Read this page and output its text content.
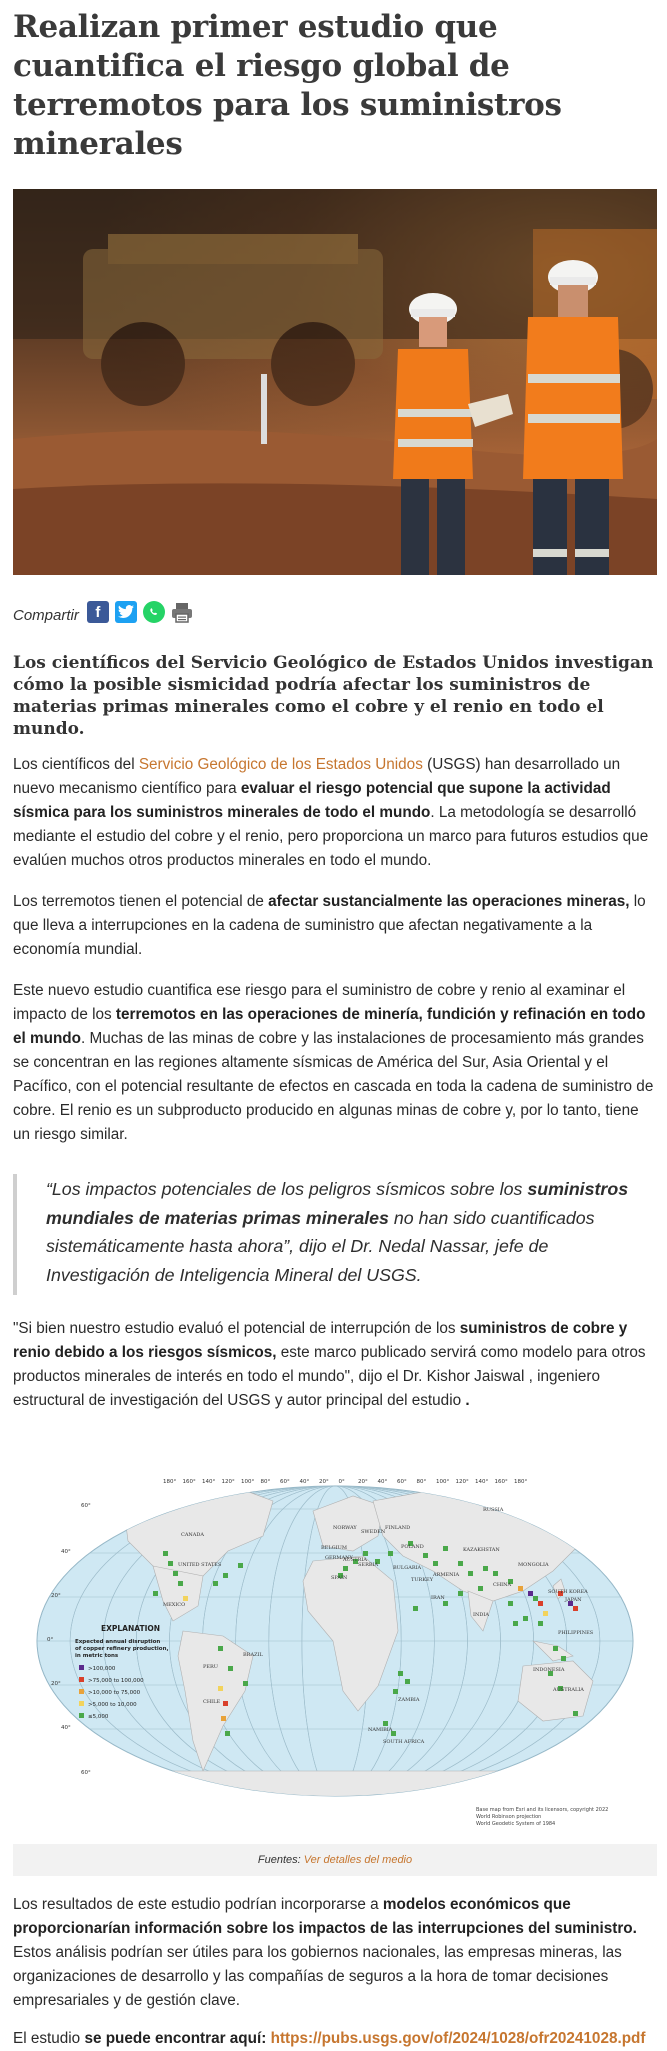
Realizan primer estudio que cuantifica el riesgo global de terremotos para los suministros minerales
Compartir	f

Los científicos del Servicio Geológico de Estados Unidos investigan cómo la posible sismicidad podría afectar los suministros de materias primas minerales como el cobre y el renio en todo el mundo.

Los científicos del Servicio Geológico de los Estados Unidos (USGS) han desarrollado un nuevo mecanismo científico para evaluar el riesgo potencial que supone la actividad sísmica para los suministros minerales de todo el mundo. La metodología se desarrolló mediante el estudio del cobre y el renio, pero proporciona un marco para futuros estudios que evalúen muchos otros productos minerales en todo el mundo.

Los terremotos tienen el potencial de afectar sustancialmente las operaciones mineras, lo que lleva a interrupciones en la cadena de suministro que afectan negativamente a la economía mundial.

Este nuevo estudio cuantifica ese riesgo para el suministro de cobre y renio al examinar el impacto de los terremotos en las operaciones de minería, fundición y refinación en todo el mundo. Muchas de las minas de cobre y las instalaciones de procesamiento más grandes se concentran en las regiones altamente sísmicas de América del Sur, Asia Oriental y el Pacífico, con el potencial resultante de efectos en cascada en toda la cadena de suministro de cobre. El renio es un subproducto producido en algunas minas de cobre y, por lo tanto, tiene un riesgo similar.

“Los impactos potenciales de los peligros sísmicos sobre los suministros mundiales de materias primas minerales no han sido cuantificados sistemáticamente hasta ahora”, dijo el Dr. Nedal Nassar, jefe de Investigación de Inteligencia Mineral del USGS.

"Si bien nuestro estudio evaluó el potencial de interrupción de los suministros de cobre y renio debido a los riesgos sísmicos, este marco publicado servirá como modelo para otros productos minerales de interés en todo el mundo", dijo el Dr. Kishor Jaiswal , ingeniero estructural de investigación del USGS y autor principal del estudio .

180° 160° 140° 120° 100° 80° 60° 40° 20° 0° 20° 40° 60° 80° 100° 120° 140° 160° 180°
60°
40°
20°
0°
20°
40°
60°
CANADA
UNITED STATES
MEXICO
PERU
BRAZIL
CHILE	ZAMBIA
NAMIBIA
SOUTH AFRICA
SPAIN
SERBIA
POLAND
GERMANY
BELGIUM
AUSTRIA
NORWAY
SWEDEN
FINLAND
RUSSIA
KAZAKHSTAN
BULGARIA
ARMENIA
TURKEY
IRAN
INDIA
CHINA
MONGOLIA
SOUTH KOREA
JAPAN
PHILIPPINES
INDONESIA
AUSTRALIA
EXPLANATION
Expected annual disruption
of copper refinery production,
in metric tons
>100,000
>75,000 to 100,000
>10,000 to 75,000
>5,000 to 10,000
≤5,000
Base map from Esri and its licensors, copyright 2022
World Robinson projection
World Geodetic System of 1984
Fuentes: Ver detalles del medio

Los resultados de este estudio podrían incorporarse a modelos económicos que proporcionarían información sobre los impactos de las interrupciones del suministro. Estos análisis podrían ser útiles para los gobiernos nacionales, las empresas mineras, las organizaciones de desarrollo y las compañías de seguros a la hora de tomar decisiones empresariales y de gestión clave.

El estudio se puede encontrar aquí: https://pubs.usgs.gov/of/2024/1028/ofr20241028.pdf
